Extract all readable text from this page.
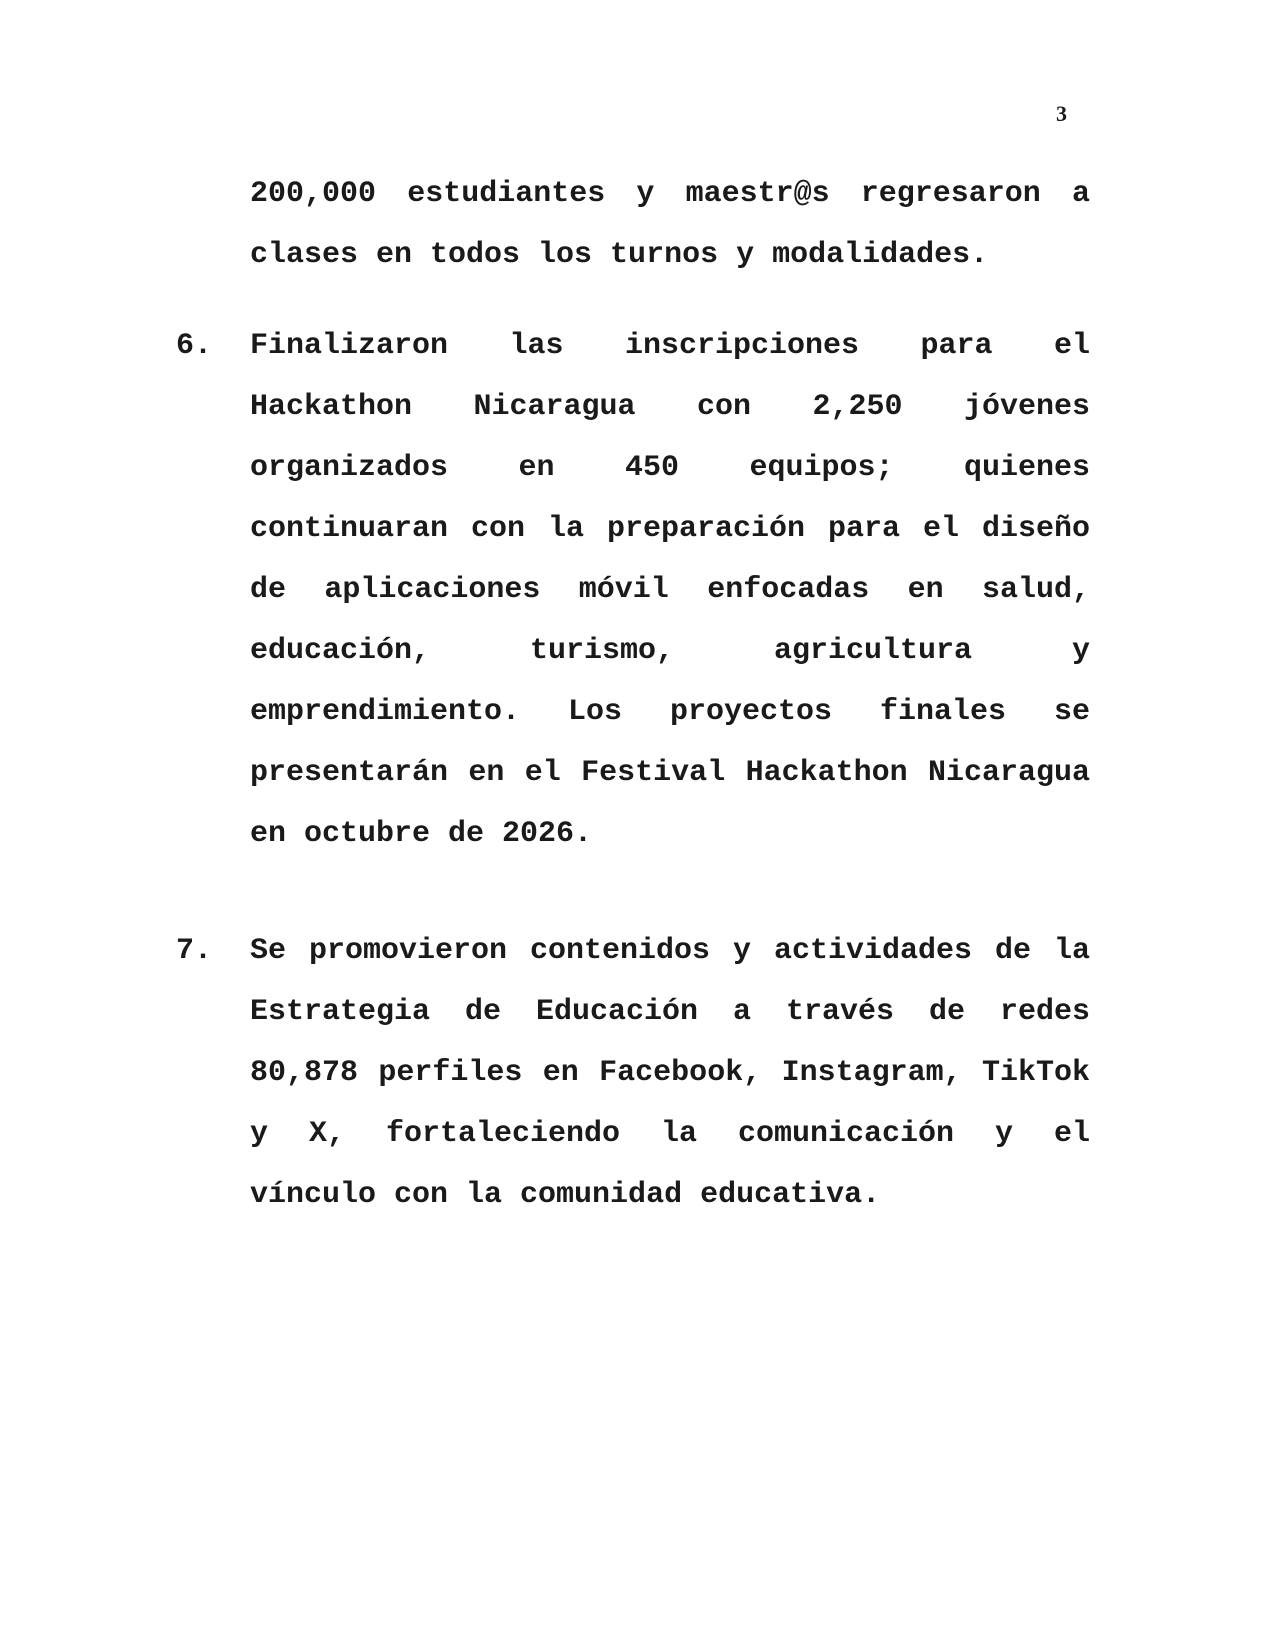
3

200,000 estudiantes y maestr@s regresaron a clases en todos los turnos y modalidades.

6.	Finalizaron las inscripciones para el Hackathon Nicaragua con 2,250 jóvenes organizados en 450 equipos; quienes continuaran con la preparación para el diseño de aplicaciones móvil enfocadas en salud, educación, turismo, agricultura y emprendimiento. Los proyectos finales se presentarán en el Festival Hackathon Nicaragua en octubre de 2026.

7.	Se promovieron contenidos y actividades de la Estrategia de Educación a través de redes 80,878 perfiles en Facebook, Instagram, TikTok y X, fortaleciendo la comunicación y el vínculo con la comunidad educativa.
